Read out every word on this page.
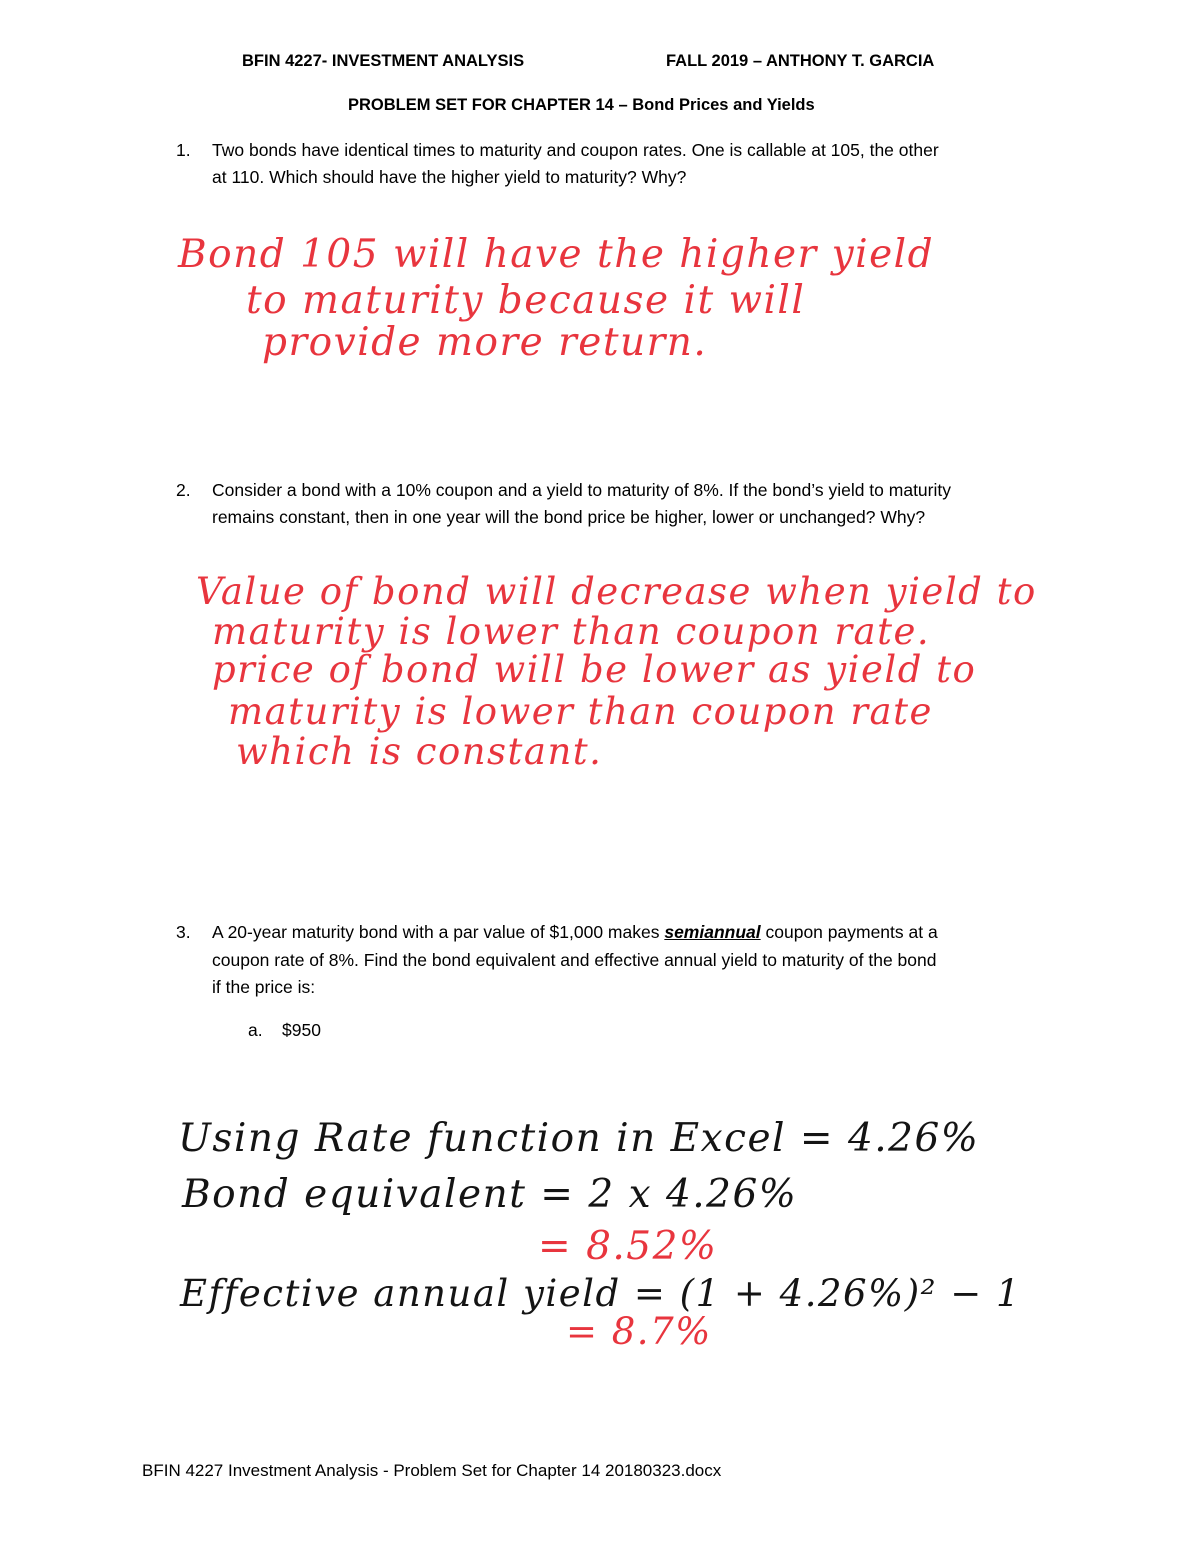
BFIN 4227- INVESTMENT ANALYSIS	FALL 2019 – ANTHONY T. GARCIA
PROBLEM SET FOR CHAPTER 14 – Bond Prices and Yields
1. Two bonds have identical times to maturity and coupon rates. One is callable at 105, the other
at 110. Which should have the higher yield to maturity? Why?
Bond 105 will have the higher yield
to maturity because it will
provide more return.
2. Consider a bond with a 10% coupon and a yield to maturity of 8%. If the bond’s yield to maturity
remains constant, then in one year will the bond price be higher, lower or unchanged? Why?
Value of bond will decrease when yield to
maturity is lower than coupon rate.
price of bond will be lower as yield to
maturity is lower than coupon rate
which is constant.
3. A 20-year maturity bond with a par value of $1,000 makes semiannual coupon payments at a
coupon rate of 8%. Find the bond equivalent and effective annual yield to maturity of the bond
if the price is:
a. $950
Using Rate function in Excel = 4.26%
Bond equivalent = 2 x 4.26%
= 8.52%
Effective annual yield = (1 + 4.26%)² − 1
= 8.7%
BFIN 4227 Investment Analysis - Problem Set for Chapter 14 20180323.docx
